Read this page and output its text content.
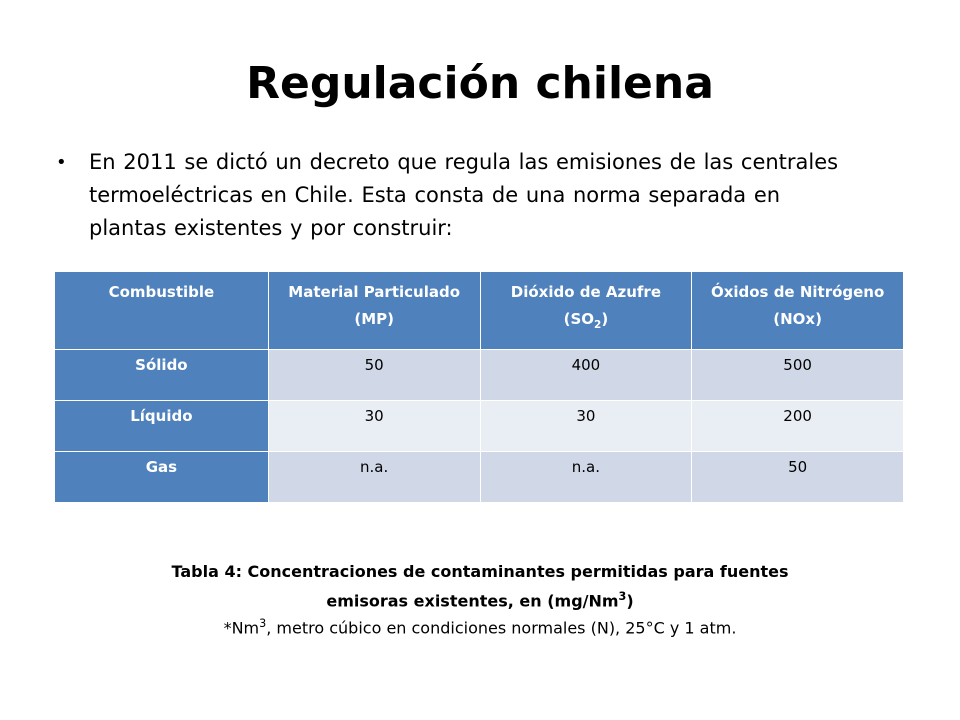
Regulación chilena
• En 2011 se dictó un decreto que regula las emisiones de las centrales termoeléctricas en Chile. Esta consta de una norma separada en plantas existentes y por construir:
Combustible	Material Particulado (MP)	Dióxido de Azufre $(SO_2)$	Óxidos de Nitrógeno (NOx)
Sólido	50	400	500
Líquido	30	30	200
Gas	n.a.	n.a.	50
Tabla 4: Concentraciones de contaminantes permitidas para fuentes
emisoras existentes, en (mg/Nm$^3$)
*Nm$^3$, metro cúbico en condiciones normales (N), 25°C y 1 atm.
